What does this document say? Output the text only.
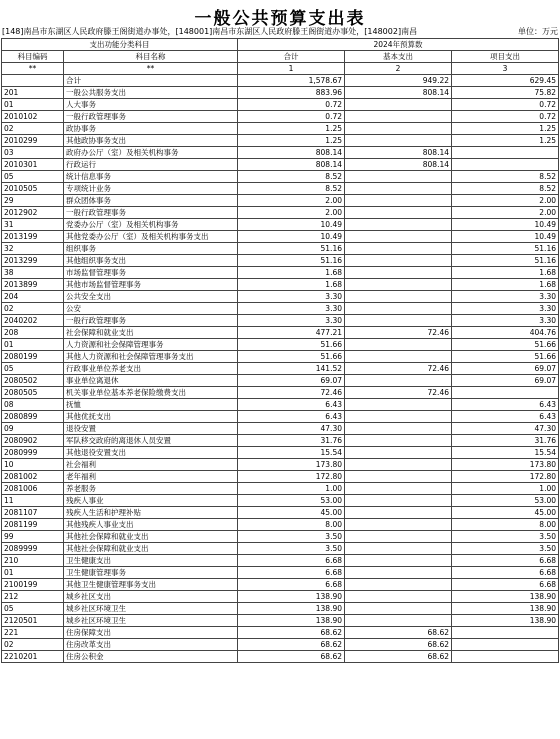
一般公共预算支出表
[148]南昌市东湖区人民政府滕王阁街道办事处，[148001]南昌市东湖区人民政府滕王阁街道办事处，[148002]南昌	单位：万元
支出功能分类科目		2024年预算数		
科目编码	科目名称	合计	基本支出	项目支出
**	**	1	2	3
	合计	1,578.67	949.22	629.45
201	一般公共服务支出	883.96	808.14	75.82
01	人大事务	0.72		0.72
2010102	一般行政管理事务	0.72		0.72
02	政协事务	1.25		1.25
2010299	其他政协事务支出	1.25		1.25
03	政府办公厅（室）及相关机构事务	808.14	808.14	
2010301	行政运行	808.14	808.14	
05	统计信息事务	8.52		8.52
2010505	专项统计业务	8.52		8.52
29	群众团体事务	2.00		2.00
2012902	一般行政管理事务	2.00		2.00
31	党委办公厅（室）及相关机构事务	10.49		10.49
2013199	其他党委办公厅（室）及相关机构事务支出	10.49		10.49
32	组织事务	51.16		51.16
2013299	其他组织事务支出	51.16		51.16
38	市场监督管理事务	1.68		1.68
2013899	其他市场监督管理事务	1.68		1.68
204	公共安全支出	3.30		3.30
02	公安	3.30		3.30
2040202	一般行政管理事务	3.30		3.30
208	社会保障和就业支出	477.21	72.46	404.76
01	人力资源和社会保障管理事务	51.66		51.66
2080199	其他人力资源和社会保障管理事务支出	51.66		51.66
05	行政事业单位养老支出	141.52	72.46	69.07
2080502	事业单位离退休	69.07		69.07
2080505	机关事业单位基本养老保险缴费支出	72.46	72.46	
08	抚恤	6.43		6.43
2080899	其他优抚支出	6.43		6.43
09	退役安置	47.30		47.30
2080902	军队移交政府的离退休人员安置	31.76		31.76
2080999	其他退役安置支出	15.54		15.54
10	社会福利	173.80		173.80
2081002	老年福利	172.80		172.80
2081006	养老服务	1.00		1.00
11	残疾人事业	53.00		53.00
2081107	残疾人生活和护理补贴	45.00		45.00
2081199	其他残疾人事业支出	8.00		8.00
99	其他社会保障和就业支出	3.50		3.50
2089999	其他社会保障和就业支出	3.50		3.50
210	卫生健康支出	6.68		6.68
01	卫生健康管理事务	6.68		6.68
2100199	其他卫生健康管理事务支出	6.68		6.68
212	城乡社区支出	138.90		138.90
05	城乡社区环境卫生	138.90		138.90
2120501	城乡社区环境卫生	138.90		138.90
221	住房保障支出	68.62	68.62	
02	住房改革支出	68.62	68.62	
2210201	住房公积金	68.62	68.62	
